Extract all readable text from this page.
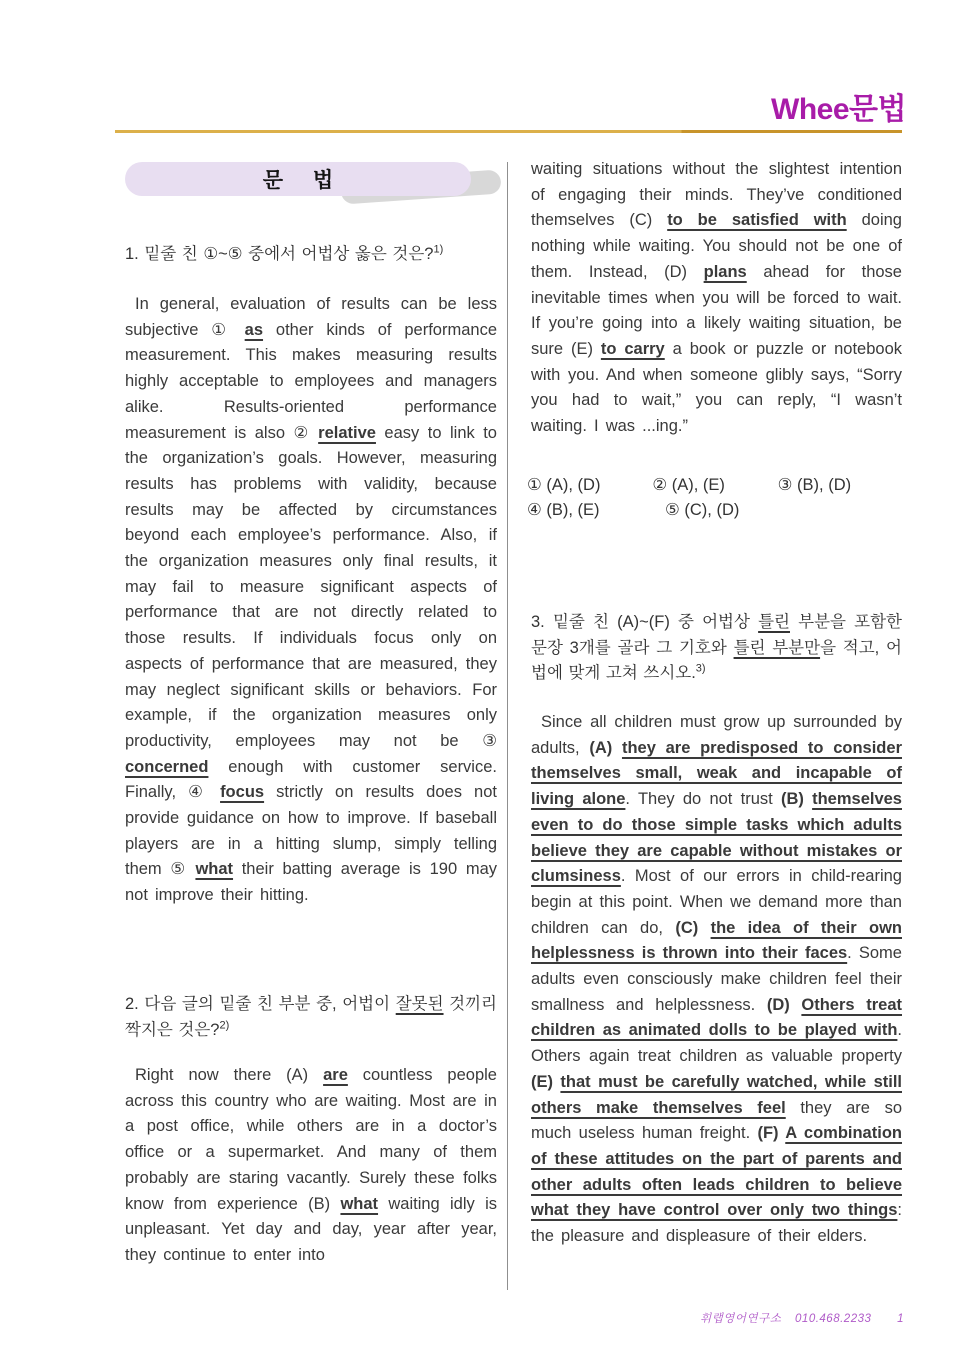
Whee문법
문 법
1. 밑줄 친 ①~⑤ 중에서 어법상 옳은 것은?$^{1)}$
In general, evaluation of results can be less subjective ① as other kinds of performance measurement. This makes measuring results highly acceptable to employees and managers alike. Results-oriented performance measurement is also ② relative easy to link to the organization’s goals. However, measuring results has problems with validity, because results may be affected by circumstances beyond each employee’s performance. Also, if the organization measures only final results, it may fail to measure significant aspects of performance that are not directly related to those results. If individuals focus only on aspects of performance that are measured, they may neglect significant skills or behaviors. For example, if the organization measures only productivity, employees may not be ③ concerned enough with customer service. Finally, ④ focus strictly on results does not provide guidance on how to improve. If baseball players are in a hitting slump, simply telling them ⑤ what their batting average is 190 may not improve their hitting.
2. 다음 글의 밑줄 친 부분 중, 어법이 잘못된 것끼리 짝지은 것은?$^{2)}$
Right now there (A) are countless people across this country who are waiting. Most are in a post office, while others are in a doctor’s office or a supermarket. And many of them probably are staring vacantly. Surely these folks know from experience (B) what waiting idly is unpleasant. Yet day and day, year after year, they continue to enter into
waiting situations without the slightest intention of engaging their minds. They’ve conditioned themselves (C) to be satisfied with doing nothing while waiting. You should not be one of them. Instead, (D) plans ahead for those inevitable times when you will be forced to wait. If you’re going into a likely waiting situation, be sure (E) to carry a book or puzzle or notebook with you. And when someone glibly says, “Sorry you had to wait,” you can reply, “I wasn’t waiting. I was ...ing.”
① (A), (D)	② (A), (E)	③ (B), (D)
④ (B), (E)	⑤ (C), (D)
3. 밑줄 친 (A)~(F) 중 어법상 틀린 부분을 포함한 문장 3개를 골라 그 기호와 틀린 부분만을 적고, 어법에 맞게 고쳐 쓰시오.$^{3)}$
Since all children must grow up surrounded by adults, (A) they are predisposed to consider themselves small, weak and incapable of living alone. They do not trust (B) themselves even to do those simple tasks which adults believe they are capable without mistakes or clumsiness. Most of our errors in child-rearing begin at this point. When we demand more than children can do, (C) the idea of their own helplessness is thrown into their faces. Some adults even consciously make children feel their smallness and helplessness. (D) Others treat children as animated dolls to be played with. Others again treat children as valuable property (E) that must be carefully watched, while still others make themselves feel they are so much useless human freight. (F) A combination of these attitudes on the part of parents and other adults often leads children to believe what they have control over only two things: the pleasure and displeasure of their elders.
휘랩영어연구소 010.468.2233 1
